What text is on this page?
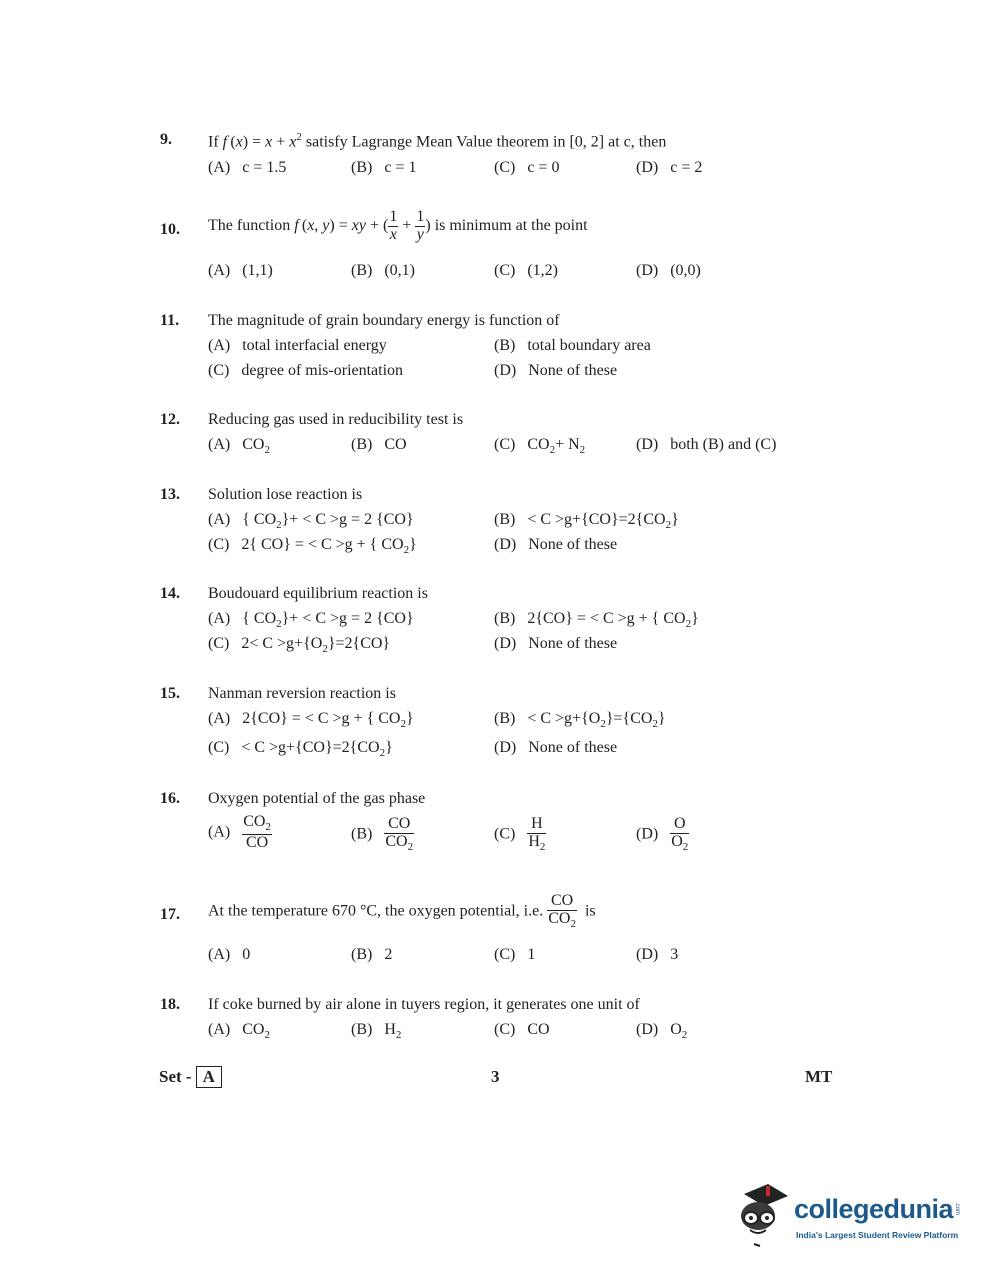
9. If f $(x) = x + x^2$ satisfy Lagrange Mean Value theorem in [0, 2] at c, then
(A) c = 1.5	(B) c = 1	(C) c = 0	(D) c = 2
10. The function f (x, y) = xy + ( $\frac{1}{x} + \frac{1}{y}$ ) is minimum at the point
(A) (1,1)	(B) (0,1)	(C) (1,2)	(D) (0,0)
11. The magnitude of grain boundary energy is function of
(A) total interfacial energy	(B) total boundary area
(C) degree of mis-orientation	(D) None of these
12. Reducing gas used in reducibility test is
(A)   $CO_2$	(B) CO	(C)   $CO_2+ N_2$	(D) both (B) and (C)
13. Solution lose reaction is
(A)   { $CO_2\}+ < C >g = 2$ {CO}	$(B) < C >g+\{CO\}=2\{CO_2\}$
(C)   2{ CO} = < C >g + { $CO_2$}	(D) None of these
14. Boudouard equilibrium reaction is
(A)   { $CO_2\}+ < C >g = 2$ {CO}	(B)   2{CO} = < C >g + { $CO_2$}
(C)   $2< C >g+\{O_2\}=2\{CO\}$	(D) None of these
15. Nanman reversion reaction is
(A)   2{CO} = < C >g + { $CO_2$}	$(B) < C >g+\{O_2\}=\{CO_2\}$
$(C) < C >g+\{CO\}=2\{CO_2\}$	(D) None of these
16. Oxygen potential of the gas phase
$(A) \frac{CO_2}{CO}$	$(B) \frac{CO}{CO_2}$	$(C) \frac{H}{H_2}$	$(D) \frac{O}{O_2}$
17. At the temperature 670 °C, the oxygen potential, i.e. $\frac{CO}{CO_2}$ is
(A) 0	(B) 2	(C) 1	(D) 3
18. If coke burned by air alone in tuyers region, it generates one unit of
(A)   $CO_2$	(B)   $H_2$	(C) CO	(D)   $O_2$
Set - A	3	MT
collegedunia .com
India's Largest Student Review Platform
